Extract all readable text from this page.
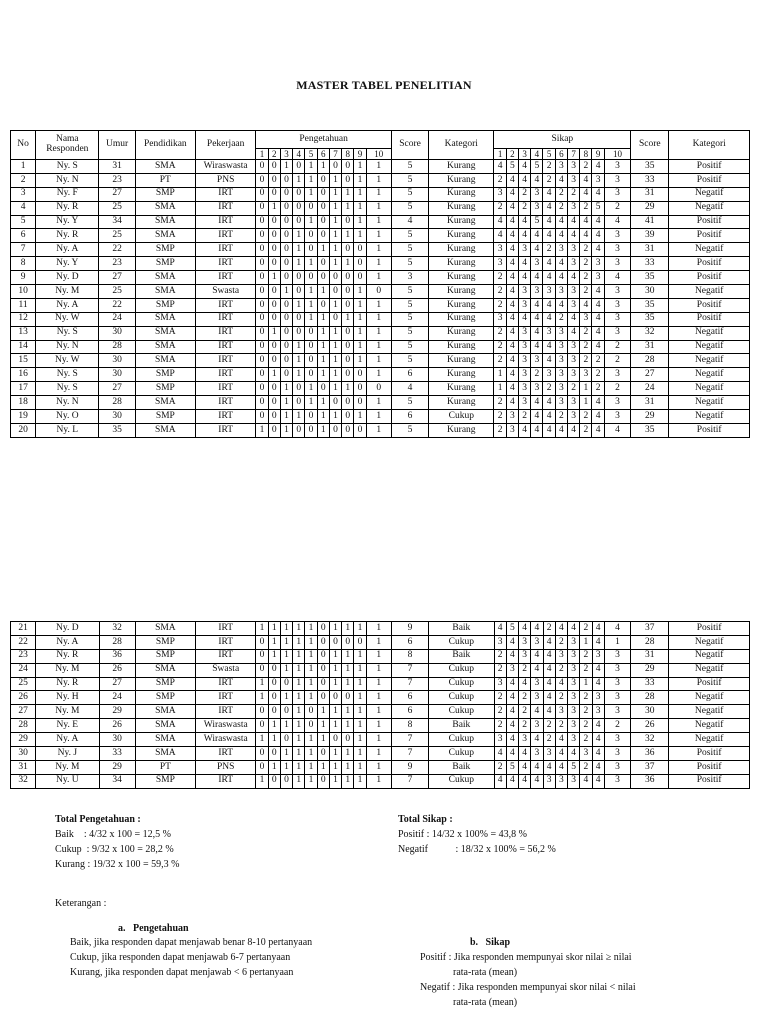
MASTER TABEL PENELITIAN
No	Nama Responden	Umur	Pendidikan	Pekerjaan	Pengetahuan										Score	Kategori	Sikap										Score	Kategori
					1	2	3	4	5	6	7	8	9	10			1	2	3	4	5	6	7	8	9	10		
1	Ny. S	31	SMA	Wiraswasta	0	0	1	0	1	1	0	0	1	1	5	Kurang	4	5	4	5	2	3	3	2	4	3	35	Positif
2	Ny. N	23	PT	PNS	0	0	0	1	1	0	1	0	1	1	5	Kurang	2	4	4	4	2	4	3	4	3	3	33	Positif
3	Ny. F	27	SMP	IRT	0	0	0	0	1	0	1	1	1	1	5	Kurang	3	4	2	3	4	2	2	4	4	3	31	Negatif
4	Ny. R	25	SMA	IRT	0	1	0	0	0	0	1	1	1	1	5	Kurang	2	4	2	3	4	2	3	2	5	2	29	Negatif
5	Ny. Y	34	SMA	IRT	0	0	0	0	1	0	1	0	1	1	4	Kurang	4	4	4	5	4	4	4	4	4	4	41	Positif
6	Ny. R	25	SMA	IRT	0	0	0	1	0	0	1	1	1	1	5	Kurang	4	4	4	4	4	4	4	4	4	3	39	Positif
7	Ny. A	22	SMP	IRT	0	0	0	1	0	1	1	0	0	1	5	Kurang	3	4	3	4	2	3	3	2	4	3	31	Negatif
8	Ny. Y	23	SMP	IRT	0	0	0	1	1	0	1	1	0	1	5	Kurang	3	4	4	3	4	4	3	2	3	3	33	Positif
9	Ny. D	27	SMA	IRT	0	1	0	0	0	0	0	0	0	1	3	Kurang	2	4	4	4	4	4	4	2	3	4	35	Positif
10	Ny. M	25	SMA	Swasta	0	0	1	0	1	1	0	0	1	0	5	Kurang	2	4	3	3	3	3	3	2	4	3	30	Negatif
11	Ny. A	22	SMP	IRT	0	0	0	1	1	0	1	0	1	1	5	Kurang	2	4	3	4	4	4	3	4	4	3	35	Positif
12	Ny. W	24	SMA	IRT	0	0	0	0	1	1	0	1	1	1	5	Kurang	3	4	4	4	4	2	4	3	4	3	35	Positif
13	Ny. S	30	SMA	IRT	0	1	0	0	0	1	1	0	1	1	5	Kurang	2	4	3	4	3	3	4	2	4	3	32	Negatif
14	Ny. N	28	SMA	IRT	0	0	0	1	0	1	1	0	1	1	5	Kurang	2	4	3	4	4	3	3	2	4	2	31	Negatif
15	Ny. W	30	SMA	IRT	0	0	0	1	0	1	1	0	1	1	5	Kurang	2	4	3	3	4	3	3	2	2	2	28	Negatif
16	Ny. S	30	SMP	IRT	0	1	0	1	0	1	1	0	0	1	6	Kurang	1	4	3	2	3	3	3	3	2	3	27	Negatif
17	Ny. S	27	SMP	IRT	0	0	1	0	1	0	1	1	0	0	4	Kurang	1	4	3	3	2	3	2	1	2	2	24	Negatif
18	Ny. N	28	SMA	IRT	0	0	1	0	1	1	0	0	0	1	5	Kurang	2	4	3	4	4	3	3	1	4	3	31	Negatif
19	Ny. O	30	SMP	IRT	0	0	1	1	0	1	1	0	1	1	6	Cukup	2	3	2	4	4	2	3	2	4	3	29	Negatif
20	Ny. L	35	SMA	IRT	1	0	1	0	0	1	0	0	0	1	5	Kurang	2	3	4	4	4	4	4	2	4	4	35	Positif
21	Ny. D	32	SMA	IRT	1	1	1	1	1	0	1	1	1	1	9	Baik	4	5	4	4	2	4	4	2	4	4	37	Positif
22	Ny. A	28	SMP	IRT	0	1	1	1	1	0	0	0	0	1	6	Cukup	3	4	3	3	4	2	3	1	4	1	28	Negatif
23	Ny. R	36	SMP	IRT	0	1	1	1	1	0	1	1	1	1	8	Baik	2	4	3	4	4	3	3	2	3	3	31	Negatif
24	Ny. M	26	SMA	Swasta	0	0	1	1	1	0	1	1	1	1	7	Cukup	2	3	2	4	4	2	3	2	4	3	29	Negatif
25	Ny. R	27	SMP	IRT	1	0	0	1	1	0	1	1	1	1	7	Cukup	3	4	4	3	4	4	3	1	4	3	33	Positif
26	Ny. H	24	SMP	IRT	1	0	1	1	1	0	0	0	1	1	6	Cukup	2	4	2	3	4	2	3	2	3	3	28	Negatif
27	Ny. M	29	SMA	IRT	0	0	0	1	0	1	1	1	1	1	6	Cukup	2	4	2	4	4	3	3	2	3	3	30	Negatif
28	Ny. E	26	SMA	Wiraswasta	0	1	1	1	0	1	1	1	1	1	8	Baik	2	4	2	3	2	2	3	2	4	2	26	Negatif
29	Ny. A	30	SMA	Wiraswasta	1	1	0	1	1	1	0	0	1	1	7	Cukup	3	4	3	4	2	4	3	2	4	3	32	Negatif
30	Ny. J	33	SMA	IRT	0	0	1	1	1	0	1	1	1	1	7	Cukup	4	4	4	3	3	4	4	3	4	3	36	Positif
31	Ny. M	29	PT	PNS	0	1	1	1	1	1	1	1	1	1	9	Baik	2	5	4	4	4	4	5	2	4	3	37	Positif
32	Ny. U	34	SMP	IRT	1	0	0	1	1	0	1	1	1	1	7	Cukup	4	4	4	4	3	3	3	4	4	3	36	Positif
Total Pengetahuan :
Baik    : 4/32 x 100 = 12,5 %
Cukup  : 9/32 x 100 = 28,2 %
Kurang : 19/32 x 100 = 59,3 %
Total Sikap :
Positif : 14/32 x 100% = 43,8 %
Negatif           : 18/32 x 100% = 56,2 %
Keterangan :
a.   Pengetahuan
Baik, jika responden dapat menjawab benar 8-10 pertanyaan
Cukup, jika responden dapat menjawab 6-7 pertanyaan
Kurang, jika responden dapat menjawab < 6 pertanyaan
b.   Sikap
Positif : Jika responden mempunyai skor nilai ≥ nilai
rata-rata (mean)
Negatif : Jika responden mempunyai skor nilai < nilai
rata-rata (mean)
